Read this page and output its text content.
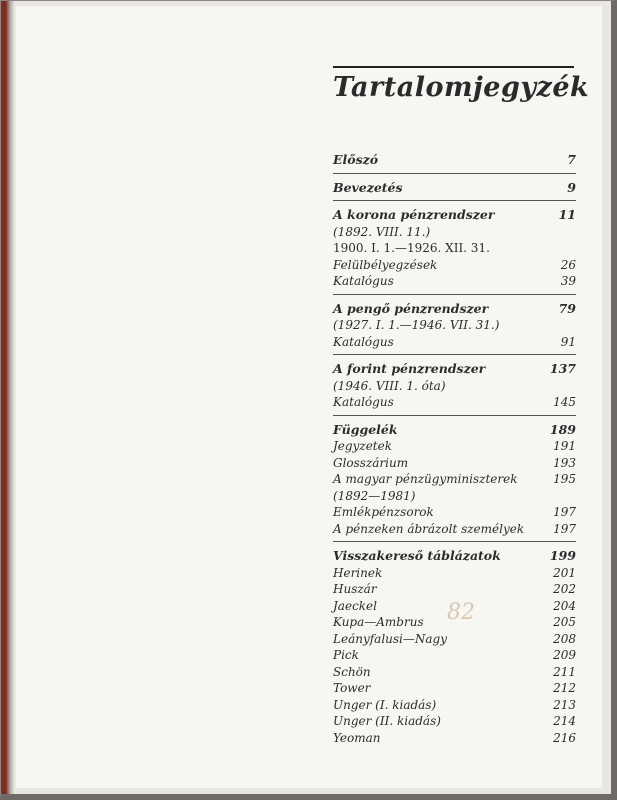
Tartalomjegyzék
Előszó	7
Bevezetés	9
A korona pénzrendszer	11
(1892. VIII. 11.)
1900. I. 1.—1926. XII. 31.
Felülbélyegzések	26
Katalógus	39
A pengő pénzrendszer	79
(1927. I. 1.—1946. VII. 31.)
Katalógus	91
A forint pénzrendszer	137
(1946. VIII. 1. óta)
Katalógus	145
Függelék	189
Jegyzetek	191
Glosszárium	193
A magyar pénzügyminiszterek	195
(1892—1981)
Emlékpénzsorok	197
A pénzeken ábrázolt személyek 197
Visszakereső táblázatok	199
Herinek	201
Huszár	202
Jaeckel	204
Kupa—Ambrus	205
Leányfalusi—Nagy	208
Pick	209
Schön	211
Tower	212
Unger (I. kiadás)	213
Unger (II. kiadás)	214
Yeoman	216
82
